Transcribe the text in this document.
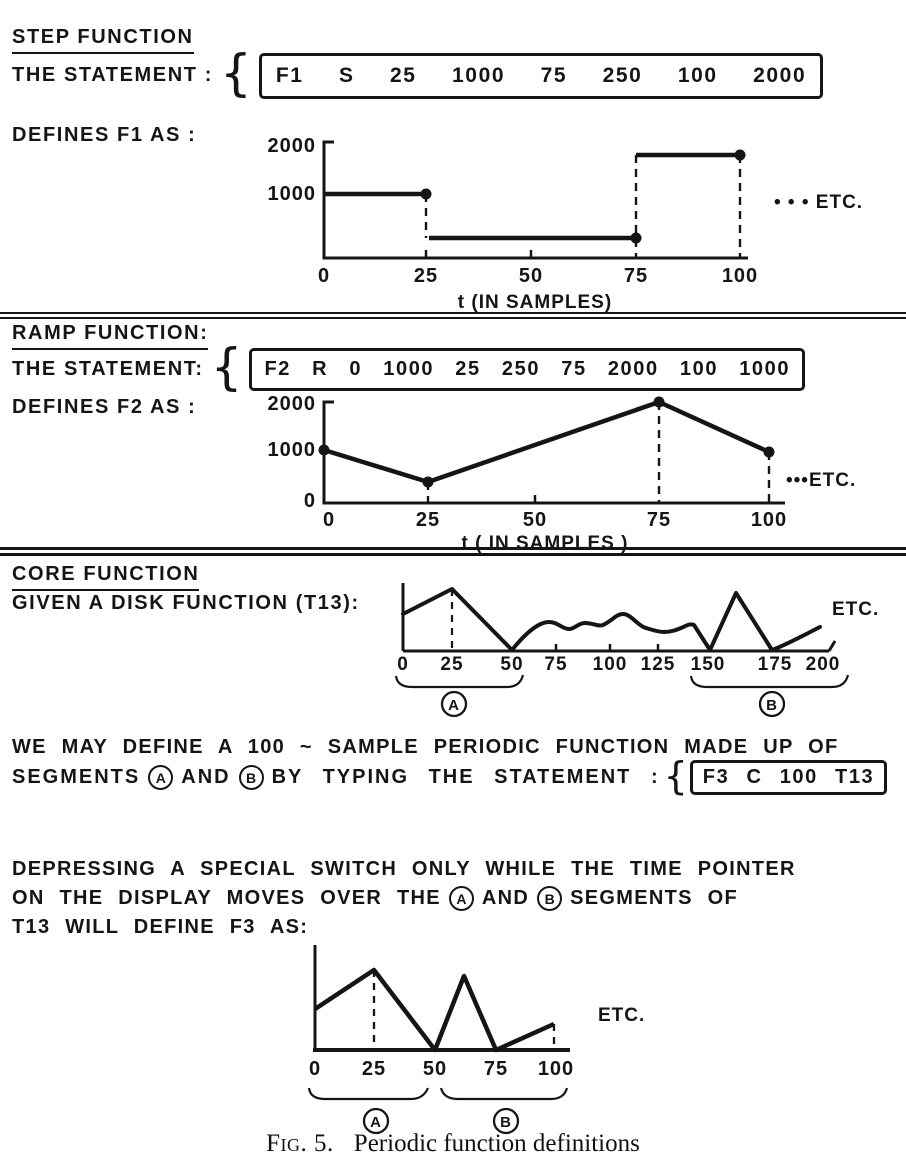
STEP FUNCTION
THE STATEMENT : {	F1 S 25 1000 75 250 100 2000
DEFINES F1 AS :	2000
1000
0	25	50	75	100
t (IN SAMPLES)
• • • ETC.
RAMP FUNCTION:
THE STATEMENT: {	F2 R 0 1000 25 250 75 2000 100 1000
DEFINES F2 AS :	2000
1000
0
0	25	50	75	100
•••ETC.
t ( IN SAMPLES )
CORE FUNCTION
GIVEN A DISK FUNCTION (T13):
0 25 50 75 100 125 150 175 200
ETC.
A	B
WE MAY DEFINE A 100 ~ SAMPLE PERIODIC FUNCTION MADE UP OF
SEGMENTS	A AND	B BY TYPING THE STATEMENT : { F3 C 100 T13
DEPRESSING A SPECIAL SWITCH ONLY WHILE THE TIME POINTER
ON THE DISPLAY MOVES OVER THE	A AND	B SEGMENTS OF
T13 WILL DEFINE F3 AS:
0 25 50 75 100
A	B
ETC.
Fig. 5. Periodic function definitions
